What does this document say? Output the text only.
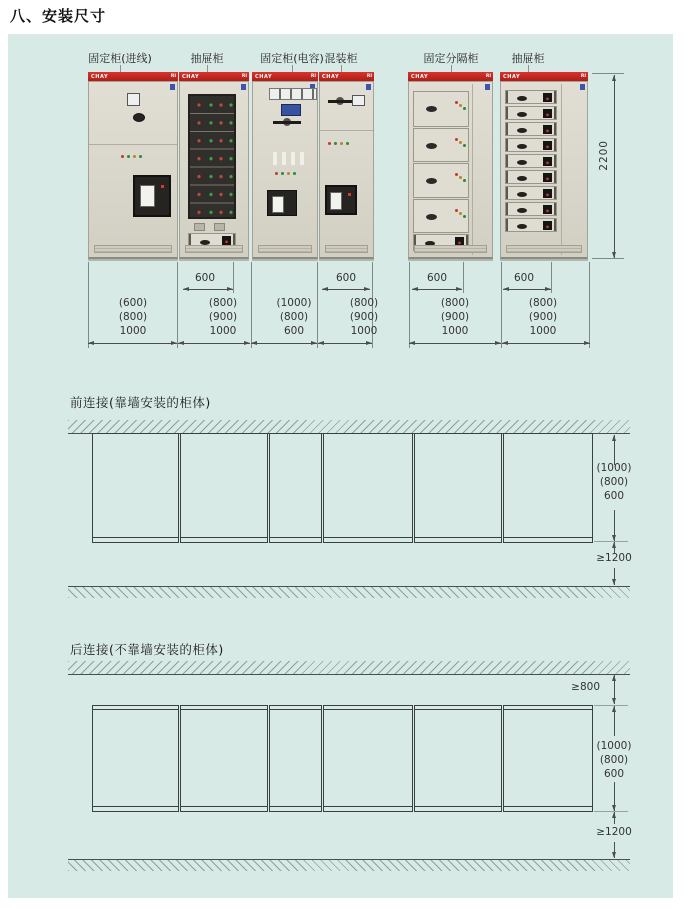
八、安装尺寸
固定柜(进线)	抽屉柜	固定柜(电容) 混装柜	固定分隔柜	抽屉柜
CHAY	RI CHAY	RI CHAY	RI CHAY	RI	CHAY	RI CHAY	RI
2200
600	600	600	600
(600)
(800)
1000
(800)
(900)
1000
(1000)
(800)
600
(800)
(900)
1000
(800)
(900)
1000
(800)
(900)
1000
前连接(靠墙安装的柜体)
(1000)
(800)
600
≥1200
后连接(不靠墙安装的柜体)
≥800
(1000)
(800)
600
≥1200
